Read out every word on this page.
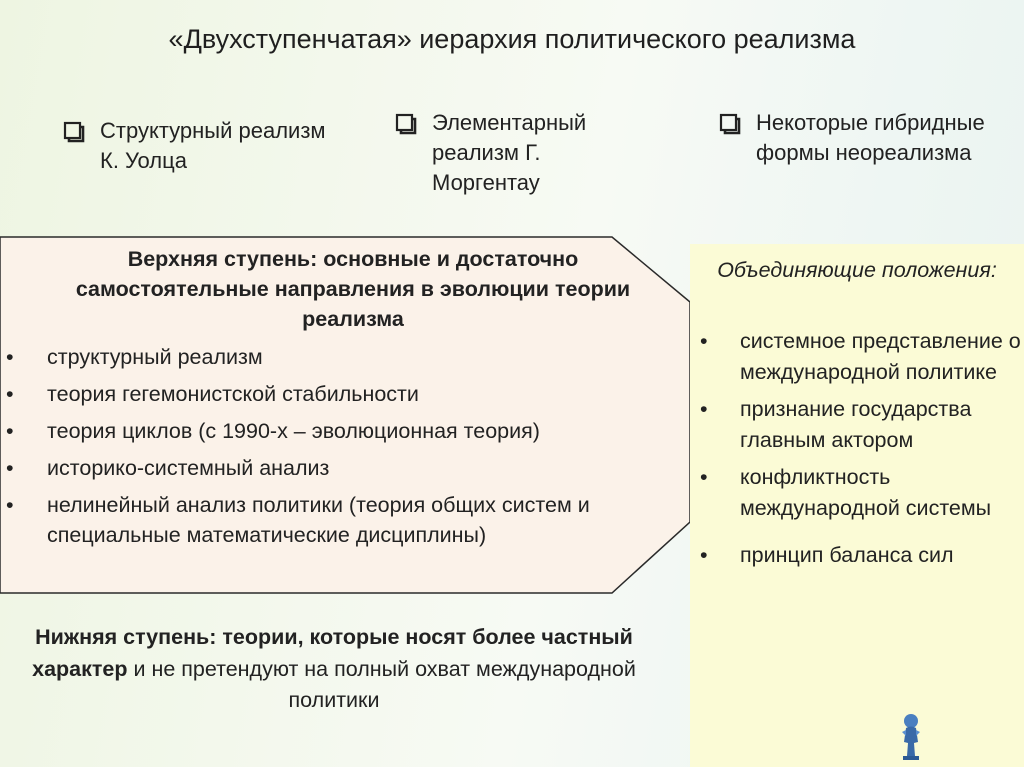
«Двухступенчатая» иерархия политического реализма
Структурный реализм К. Уолца
Элементарный реализм Г. Моргентау
Некоторые гибридные формы неореализма
Верхняя ступень: основные и достаточно самостоятельные направления в эволюции теории реализма
• структурный реализм
• теория гегемонистской стабильности
• теория циклов (с 1990-х – эволюционная теория)
• историко-системный анализ
• нелинейный анализ политики (теория общих систем и специальные математические дисциплины)
Нижняя ступень: теории, которые носят более частный характер и не претендуют на полный охват международной политики
Объединяющие положения:
• системное представление о международной политике
• признание государства главным актором
• конфликтность международной системы
• принцип баланса сил
